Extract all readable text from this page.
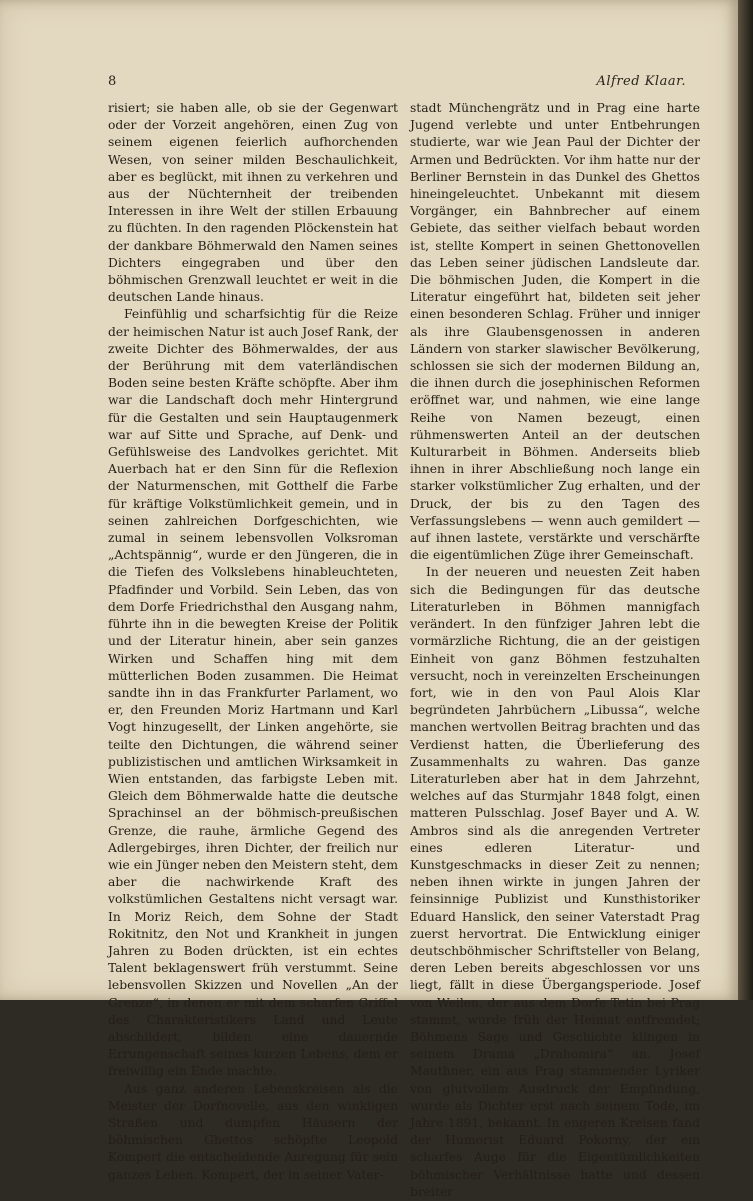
8	Alfred Klaar.

risiert; sie haben alle, ob sie der Gegenwart oder der Vorzeit angehören, einen Zug von seinem eigenen feierlich aufhorchenden Wesen, von seiner milden Beschaulichkeit, aber es beglückt, mit ihnen zu verkehren und aus der Nüchternheit der treibenden Interessen in ihre Welt der stillen Erbauung zu flüchten. In den ragenden Plöckenstein hat der dankbare Böhmerwald den Namen seines Dichters eingegraben und über den böhmischen Grenzwall leuchtet er weit in die deutschen Lande hinaus.

Feinfühlig und scharfsichtig für die Reize der heimischen Natur ist auch Josef Rank, der zweite Dichter des Böhmerwaldes, der aus der Berührung mit dem vaterländischen Boden seine besten Kräfte schöpfte. Aber ihm war die Landschaft doch mehr Hintergrund für die Gestalten und sein Hauptaugenmerk war auf Sitte und Sprache, auf Denk- und Gefühlsweise des Landvolkes gerichtet. Mit Auerbach hat er den Sinn für die Reflexion der Naturmenschen, mit Gotthelf die Farbe für kräftige Volkstümlichkeit gemein, und in seinen zahlreichen Dorfgeschichten, wie zumal in seinem lebensvollen Volksroman „Achtspännig“, wurde er den Jüngeren, die in die Tiefen des Volkslebens hinableuchteten, Pfadfinder und Vorbild. Sein Leben, das von dem Dorfe Friedrichsthal den Ausgang nahm, führte ihn in die bewegten Kreise der Politik und der Literatur hinein, aber sein ganzes Wirken und Schaffen hing mit dem mütterlichen Boden zusammen. Die Heimat sandte ihn in das Frankfurter Parlament, wo er, den Freunden Moriz Hartmann und Karl Vogt hinzugesellt, der Linken angehörte, sie teilte den Dichtungen, die während seiner publizistischen und amtlichen Wirksamkeit in Wien entstanden, das farbigste Leben mit. Gleich dem Böhmerwalde hatte die deutsche Sprachinsel an der böhmisch-preußischen Grenze, die rauhe, ärmliche Gegend des Adlergebirges, ihren Dichter, der freilich nur wie ein Jünger neben den Meistern steht, dem aber die nachwirkende Kraft des volkstümlichen Gestaltens nicht versagt war. In Moriz Reich, dem Sohne der Stadt Rokitnitz, den Not und Krankheit in jungen Jahren zu Boden drückten, ist ein echtes Talent beklagenswert früh verstummt. Seine lebensvollen Skizzen und Novellen „An der Grenze“, in denen er mit dem scharfen Griffel des Charakteristikers Land und Leute abschildert, bilden eine dauernde Errungenschaft seines kurzen Lebens, dem er freiwillig ein Ende machte.

Aus ganz anderen Lebenskreisen als die Meister der Dorfnovelle, aus den winkligen Straßen und dumpfen Häusern der böhmischen Ghettos schöpfte Leopold Kompert die entscheidende Anregung für sein ganzes Leben. Kompert, der in seiner Vater-

stadt Münchengrätz und in Prag eine harte Jugend verlebte und unter Entbehrungen studierte, war wie Jean Paul der Dichter der Armen und Bedrückten. Vor ihm hatte nur der Berliner Bernstein in das Dunkel des Ghettos hineingeleuchtet. Unbekannt mit diesem Vorgänger, ein Bahnbrecher auf einem Gebiete, das seither vielfach bebaut worden ist, stellte Kompert in seinen Ghettonovellen das Leben seiner jüdischen Landsleute dar. Die böhmischen Juden, die Kompert in die Literatur eingeführt hat, bildeten seit jeher einen besonderen Schlag. Früher und inniger als ihre Glaubensgenossen in anderen Ländern von starker slawischer Bevölkerung, schlossen sie sich der modernen Bildung an, die ihnen durch die josephinischen Reformen eröffnet war, und nahmen, wie eine lange Reihe von Namen bezeugt, einen rühmenswerten Anteil an der deutschen Kulturarbeit in Böhmen. Anderseits blieb ihnen in ihrer Abschließung noch lange ein starker volkstümlicher Zug erhalten, und der Druck, der bis zu den Tagen des Verfassungslebens — wenn auch gemildert — auf ihnen lastete, verstärkte und verschärfte die eigentümlichen Züge ihrer Gemeinschaft.

In der neueren und neuesten Zeit haben sich die Bedingungen für das deutsche Literaturleben in Böhmen mannigfach verändert. In den fünfziger Jahren lebt die vormärzliche Richtung, die an der geistigen Einheit von ganz Böhmen festzuhalten versucht, noch in vereinzelten Erscheinungen fort, wie in den von Paul Alois Klar begründeten Jahrbüchern „Libussa“, welche manchen wertvollen Beitrag brachten und das Verdienst hatten, die Überlieferung des Zusammenhalts zu wahren. Das ganze Literaturleben aber hat in dem Jahrzehnt, welches auf das Sturmjahr 1848 folgt, einen matteren Pulsschlag. Josef Bayer und A. W. Ambros sind als die anregenden Vertreter eines edleren Literatur- und Kunstgeschmacks in dieser Zeit zu nennen; neben ihnen wirkte in jungen Jahren der feinsinnige Publizist und Kunsthistoriker Eduard Hanslick, den seiner Vaterstadt Prag zuerst hervortrat. Die Entwicklung einiger deutschböhmischer Schriftsteller von Belang, deren Leben bereits abgeschlossen vor uns liegt, fällt in diese Übergangsperiode. Josef von Weilen, der aus dem Dorfe Tetin bei Prag stammt, wurde früh der Heimat entfremdet; Böhmens Sage und Geschichte klingen in seinem Drama „Drahomira“ an. Josef Mauthner, ein aus Prag stammender Lyriker von glutvollem Ausdruck der Empfindung, wurde als Dichter erst nach seinem Tode, im Jahre 1891, bekannt. In engeren Kreisen fand der Humorist Eduard Pokorny, der ein scharfes Auge für die Eigentümlichkeiten böhmischer Verhältnisse hatte und dessen breiter
